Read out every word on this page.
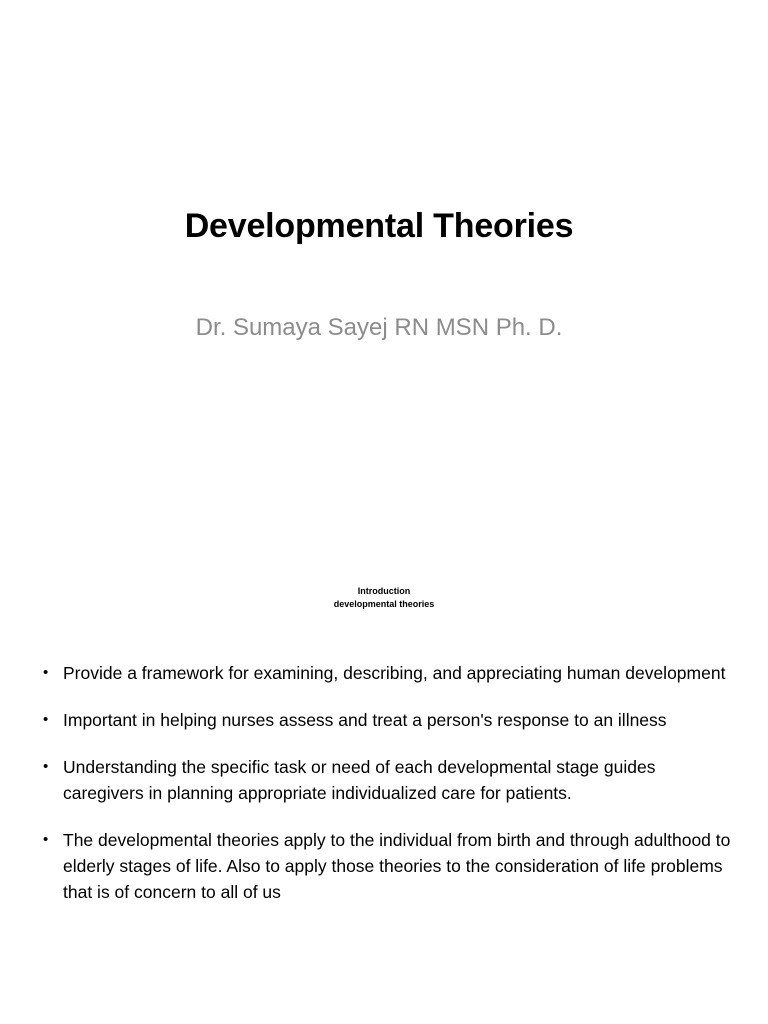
Developmental Theories
Dr. Sumaya Sayej RN MSN Ph. D.
Introduction
developmental theories
• Provide a framework for examining, describing, and appreciating human development
• Important in helping nurses assess and treat a person's response to an illness
• Understanding the specific task or need of each developmental stage guides caregivers in planning appropriate individualized care for patients.
• The developmental theories apply to the individual from birth and through adulthood to elderly stages of life. Also to apply those theories to the consideration of life problems that is of concern to all of us
